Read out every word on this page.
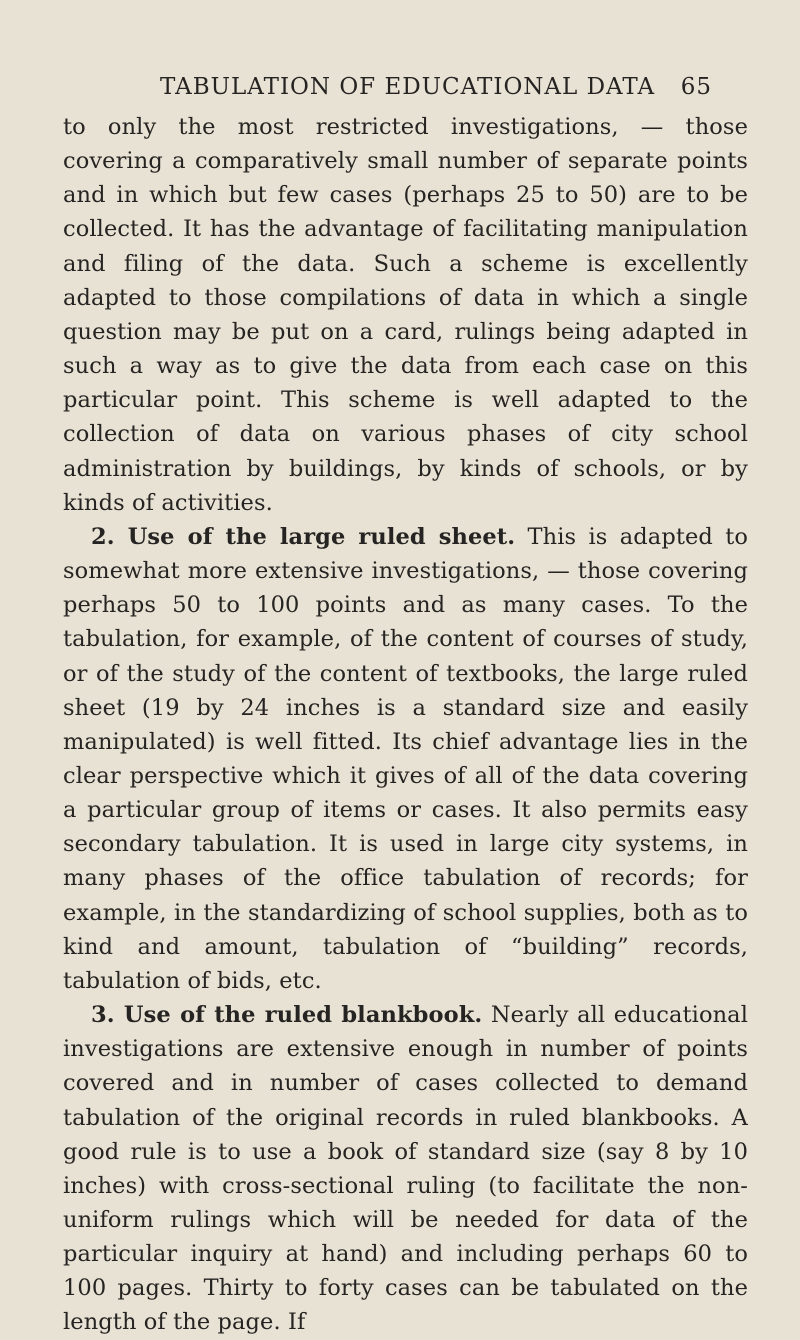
TABULATION OF EDUCATIONAL DATA 65

to only the most restricted investigations, — those covering a comparatively small number of separate points and in which but few cases (perhaps 25 to 50) are to be collected. It has the advantage of facilitating manipulation and filing of the data. Such a scheme is excellently adapted to those compilations of data in which a single question may be put on a card, rulings being adapted in such a way as to give the data from each case on this particular point. This scheme is well adapted to the collection of data on various phases of city school administration by buildings, by kinds of schools, or by kinds of activities.

2. Use of the large ruled sheet. This is adapted to somewhat more extensive investigations, — those covering perhaps 50 to 100 points and as many cases. To the tabulation, for example, of the content of courses of study, or of the study of the content of textbooks, the large ruled sheet (19 by 24 inches is a standard size and easily manipulated) is well fitted. Its chief advantage lies in the clear perspective which it gives of all of the data covering a particular group of items or cases. It also permits easy secondary tabulation. It is used in large city systems, in many phases of the office tabulation of records; for example, in the standardizing of school supplies, both as to kind and amount, tabulation of “building” records, tabulation of bids, etc.

3. Use of the ruled blankbook. Nearly all educational investigations are extensive enough in number of points covered and in number of cases collected to demand tabulation of the original records in ruled blankbooks. A good rule is to use a book of standard size (say 8 by 10 inches) with cross-sectional ruling (to facilitate the non-uniform rulings which will be needed for data of the particular inquiry at hand) and including perhaps 60 to 100 pages. Thirty to forty cases can be tabulated on the length of the page. If
